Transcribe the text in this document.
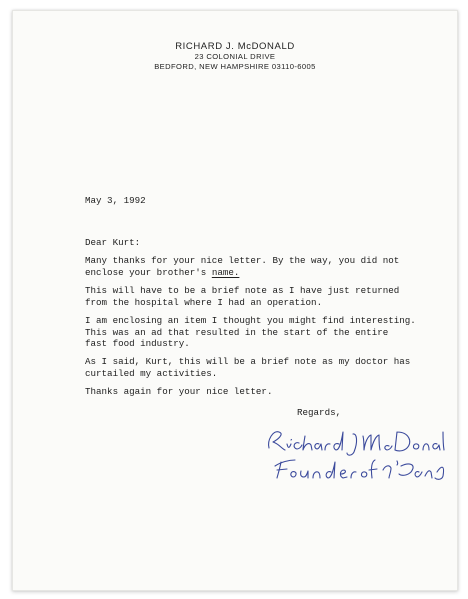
RICHARD J. McDONALD
23 COLONIAL DRIVE
BEDFORD, NEW HAMPSHIRE 03110-6005
May 3, 1992
Dear Kurt:
Many thanks for your nice letter. By the way, you did not
enclose your brother's name.
This will have to be a brief note as I have just returned
from the hospital where I had an operation.
I am enclosing an item I thought you might find interesting.
This was an ad that resulted in the start of the entire
fast food industry.
As I said, Kurt, this will be a brief note as my doctor has
curtailed my activities.
Thanks again for your nice letter.
Regards,
